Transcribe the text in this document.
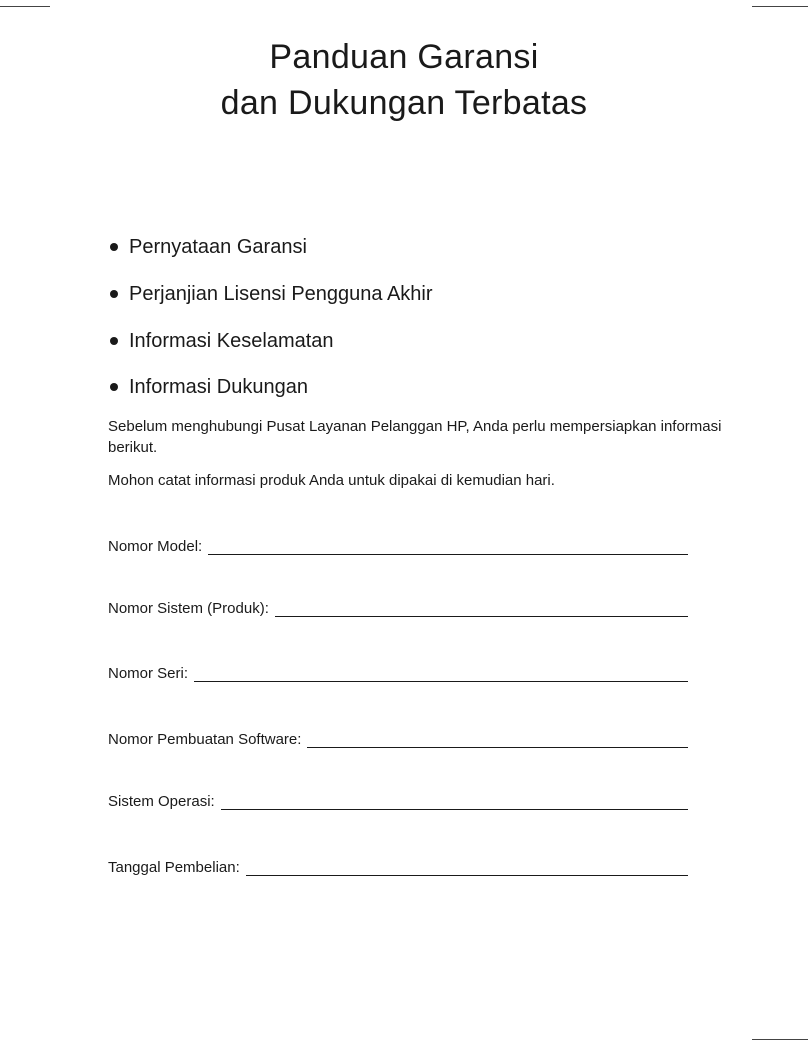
Panduan Garansi
dan Dukungan Terbatas
Pernyataan Garansi
Perjanjian Lisensi Pengguna Akhir
Informasi Keselamatan
Informasi Dukungan

Sebelum menghubungi Pusat Layanan Pelanggan HP, Anda perlu mempersiapkan informasi berikut.

Mohon catat informasi produk Anda untuk dipakai di kemudian hari.

Nomor Model:
Nomor Sistem (Produk):
Nomor Seri:
Nomor Pembuatan Software:
Sistem Operasi:
Tanggal Pembelian:
